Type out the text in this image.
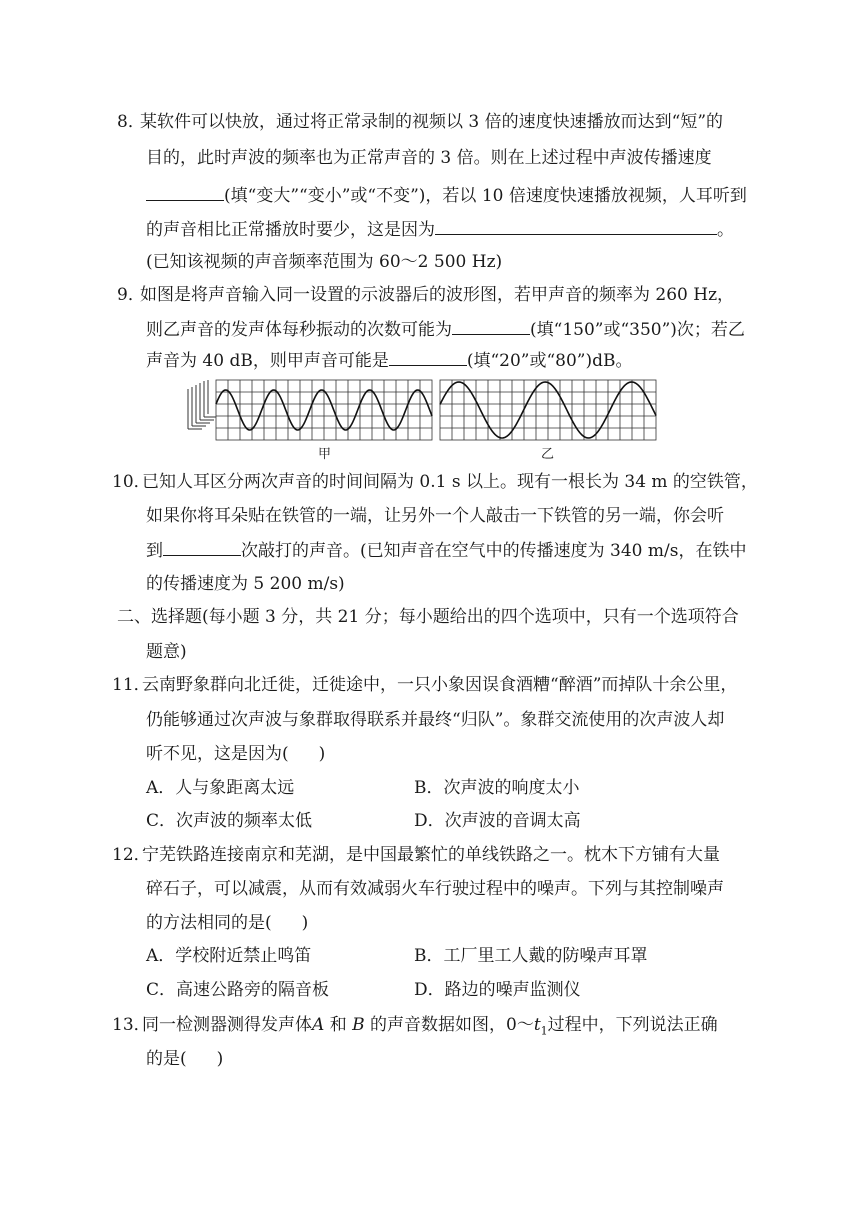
8．
某软件可以快放，通过将正常录制的视频以 3 倍的速度快速播放而达到“短”的
目的，此时声波的频率也为正常声音的 3 倍。则在上述过程中声波传播速度
(填“变大”“变小”或“不变”)，若以 10 倍速度快速播放视频，人耳听到
的声音相比正常播放时要少，这是因为	。
(已知该视频的声音频率范围为 60～2 500 Hz)
9．
如图是将声音输入同一设置的示波器后的波形图，若甲声音的频率为 260 Hz，
则乙声音的发声体每秒振动的次数可能为	(填“150”或“350”)次；若乙
声音为 40 dB，则甲声音可能是	(填“20”或“80”)dB。
甲	乙
10．
已知人耳区分两次声音的时间间隔为 0.1 s 以上。现有一根长为 34 m 的空铁管，
如果你将耳朵贴在铁管的一端，让另外一个人敲击一下铁管的另一端，你会听
到	次敲打的声音。(已知声音在空气中的传播速度为 340 m/s，在铁中
的传播速度为 5 200 m/s)
二、选择题(每小题 3 分，共 21 分；每小题给出的四个选项中，只有一个选项符合
题意)
11．
云南野象群向北迁徙，迁徙途中，一只小象因误食酒糟“醉酒”而掉队十余公里，
仍能够通过次声波与象群取得联系并最终“归队”。象群交流使用的次声波人却
听不见，这是因为( )
A．人与象距离太远	B．次声波的响度太小
C．次声波的频率太低	D．次声波的音调太高
12．
宁芜铁路连接南京和芜湖，是中国最繁忙的单线铁路之一。枕木下方铺有大量
碎石子，可以减震，从而有效减弱火车行驶过程中的噪声。下列与其控制噪声
的方法相同的是( )
A．学校附近禁止鸣笛	B．工厂里工人戴的防噪声耳罩
C．高速公路旁的隔音板	D．路边的噪声监测仪
13．
同一检测器测得发声体A 和 B 的声音数据如图，$0\sim t_1$过程中，下列说法正确
的是( )
